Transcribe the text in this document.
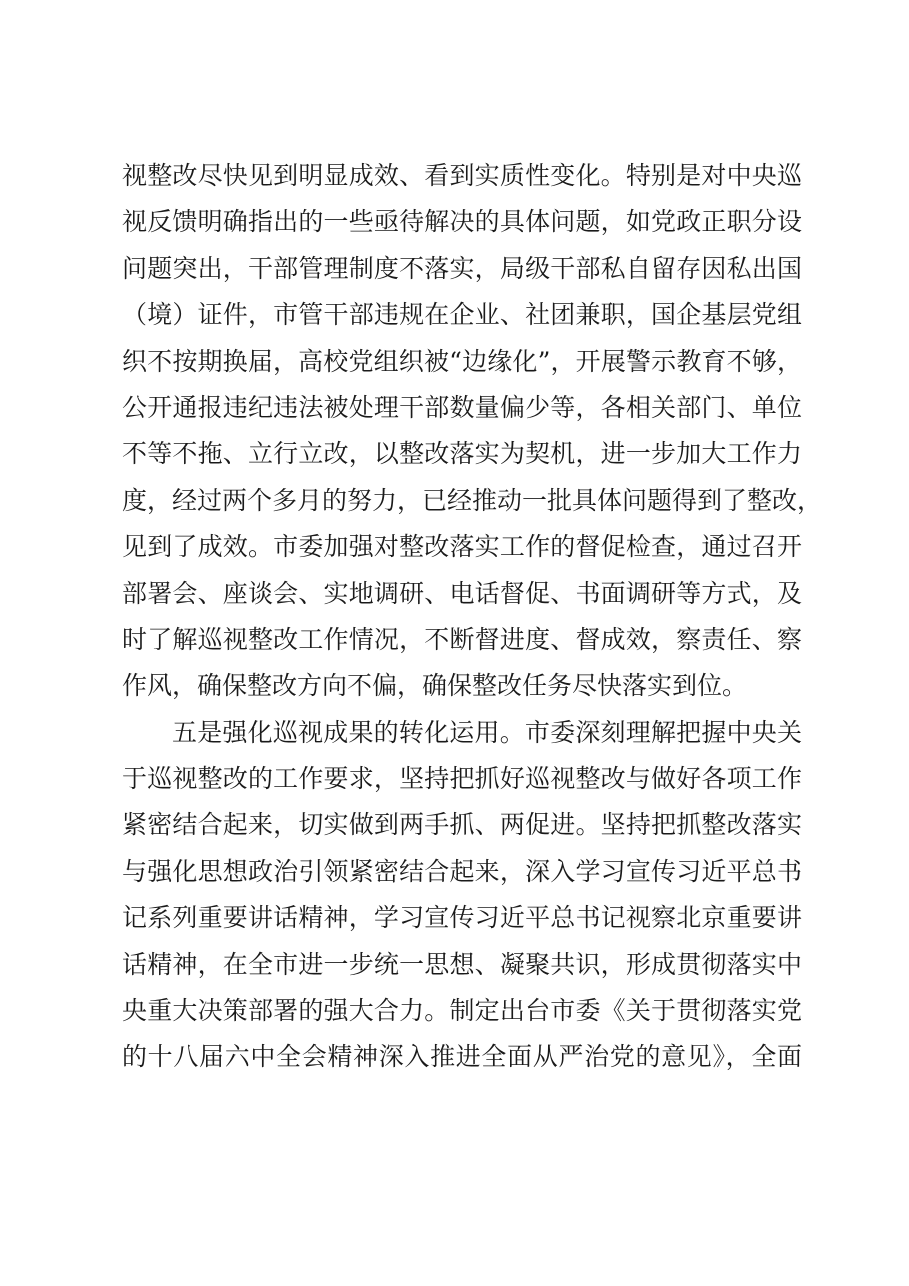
视整改尽快见到明显成效、看到实质性变化。特别是对中央巡
视反馈明确指出的一些亟待解决的具体问题，如党政正职分设
问题突出，干部管理制度不落实，局级干部私自留存因私出国
（境）证件，市管干部违规在企业、社团兼职，国企基层党组
织不按期换届，高校党组织被“边缘化”，开展警示教育不够，
公开通报违纪违法被处理干部数量偏少等，各相关部门、单位
不等不拖、立行立改，以整改落实为契机，进一步加大工作力
度，经过两个多月的努力，已经推动一批具体问题得到了整改，
见到了成效。市委加强对整改落实工作的督促检查，通过召开
部署会、座谈会、实地调研、电话督促、书面调研等方式，及
时了解巡视整改工作情况，不断督进度、督成效，察责任、察
作风，确保整改方向不偏，确保整改任务尽快落实到位。
五是强化巡视成果的转化运用。市委深刻理解把握中央关
于巡视整改的工作要求，坚持把抓好巡视整改与做好各项工作
紧密结合起来，切实做到两手抓、两促进。坚持把抓整改落实
与强化思想政治引领紧密结合起来，深入学习宣传习近平总书
记系列重要讲话精神，学习宣传习近平总书记视察北京重要讲
话精神，在全市进一步统一思想、凝聚共识，形成贯彻落实中
央重大决策部署的强大合力。制定出台市委《关于贯彻落实党
的十八届六中全会精神深入推进全面从严治党的意见》，全面
